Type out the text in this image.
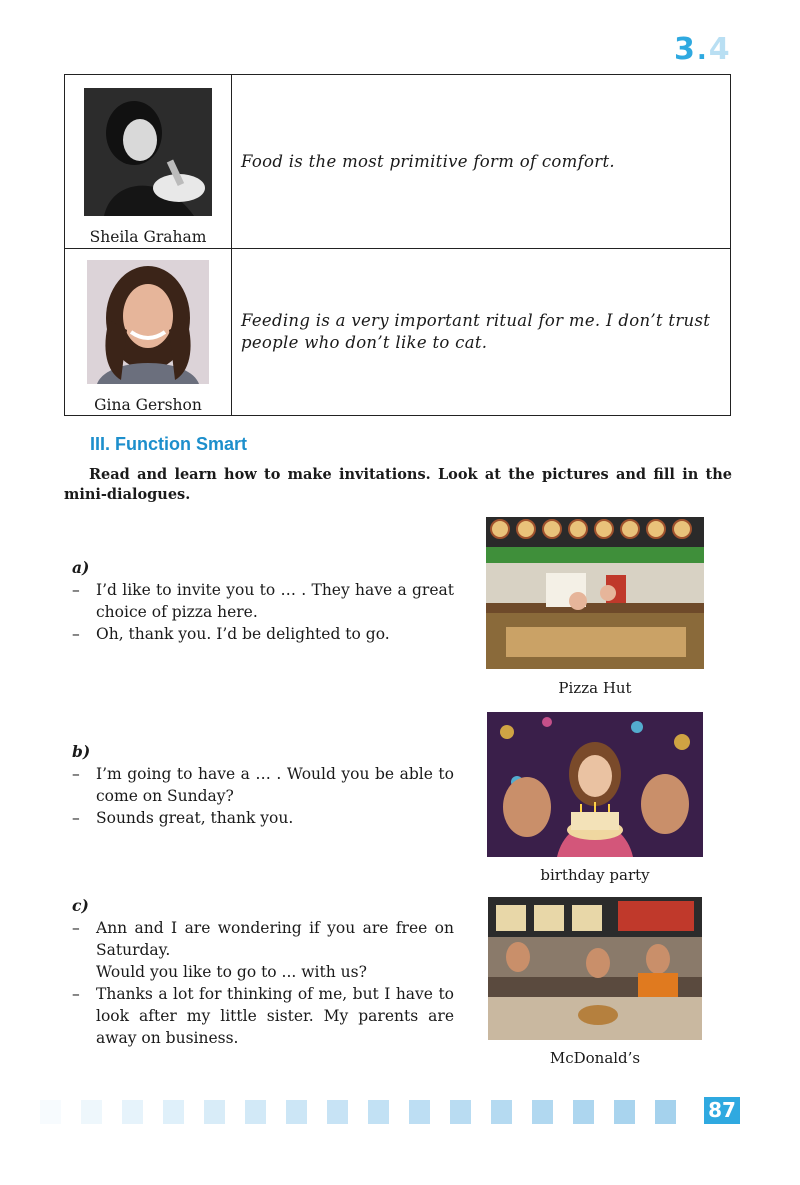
3.4
Sheila Graham	Food is the most primitive form of comfort.

Gina Gershon	Feeding is a very important ritual for me. I don’t trust people who don’t like to cat.
III. Function Smart
Read and learn how to make invitations. Look at the pictures and fill in the mini-dialogues.
a)
– I’d like to invite you to … . They have a great choice of pizza here.
– Oh, thank you. I’d be delighted to go.
Pizza Hut
b)
– I’m going to have a … . Would you be able to come on Sunday?
– Sounds great, thank you.
birthday party
c)
– Ann and I are wondering if you are free on Saturday.
Would you like to go to ... with us?
– Thanks a lot for thinking of me, but I have to look after my little sister. My parents are away on business.
McDonald’s
87
